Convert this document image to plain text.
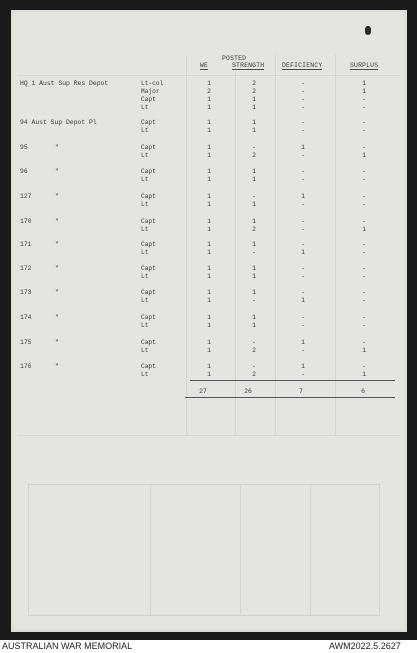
POSTED
WE	STRENGTH	DEFICIENCY	SURPLUS
HQ 1 Aust Sup Res Depot	Lt-col	1	2	-	1
Major	2	2	-	1
Capt	1	1	-	-
Lt	1	1	-	-
94 Aust Sup Depot Pl	Capt	1	1	-	-
Lt	1	1	-	-
95	"	Capt	1	-	1	-
Lt	1	2	-	1
96	"	Capt	1	1	-	-
Lt	1	1	-	-
127	"	Capt	1	-	1	-
Lt	1	1	-	-
170	"	Capt	1	1	-	-
Lt	1	2	-	1
171	"	Capt	1	1	-	-
Lt	1	-	1	-
172	"	Capt	1	1	-	-
Lt	1	1	-	-
173	"	Capt	1	1	-	-
Lt	1	-	1	-
174	"	Capt	1	1	-	-
Lt	1	1	-	-
175	"	Capt	1	-	1	-
Lt	1	2	-	1
176	"	Capt	1	-	1	-
Lt	1	2	-	1
27	26	7	6
AUSTRALIAN WAR MEMORIAL	AWM2022.5.2627
